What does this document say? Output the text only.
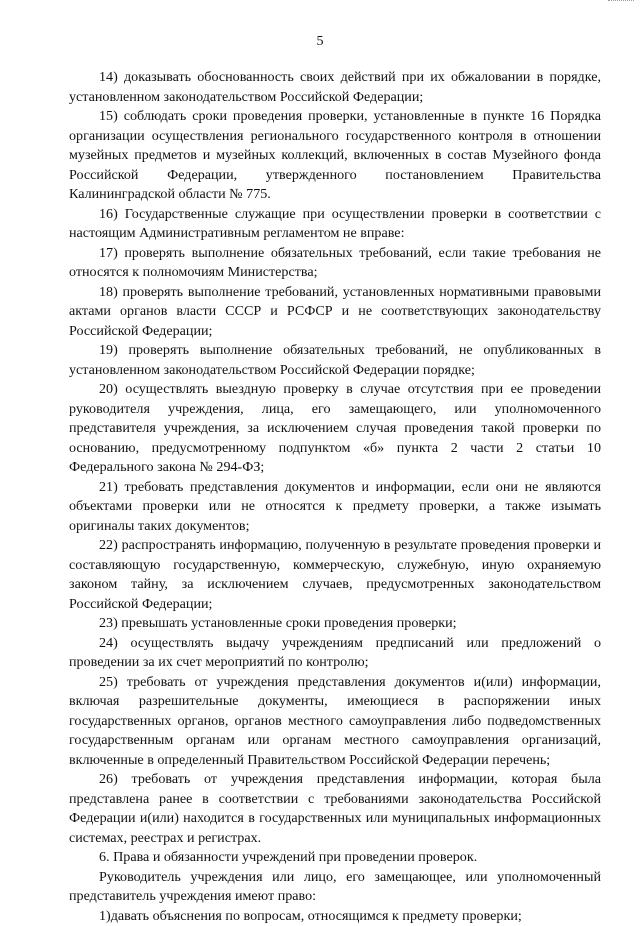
5

14) доказывать обоснованность своих действий при их обжаловании в порядке, установленном законодательством Российской Федерации;

15) соблюдать сроки проведения проверки, установленные в пункте 16 Порядка организации осуществления регионального государственного контроля в отношении музейных предметов и музейных коллекций, включенных в состав Музейного фонда Российской Федерации, утвержденного постановлением Правительства Калининградской области № 775.

16) Государственные служащие при осуществлении проверки в соответствии с настоящим Административным регламентом не вправе:

17) проверять выполнение обязательных требований, если такие требования не относятся к полномочиям Министерства;

18) проверять выполнение требований, установленных нормативными правовыми актами органов власти СССР и РСФСР и не соответствующих законодательству Российской Федерации;

19) проверять выполнение обязательных требований, не опубликованных в установленном законодательством Российской Федерации порядке;

20) осуществлять выездную проверку в случае отсутствия при ее проведении руководителя учреждения, лица, его замещающего, или уполномоченного представителя учреждения, за исключением случая проведения такой проверки по основанию, предусмотренному подпунктом «б» пункта 2 части 2 статьи 10 Федерального закона № 294-ФЗ;

21) требовать представления документов и информации, если они не являются объектами проверки или не относятся к предмету проверки, а также изымать оригиналы таких документов;

22) распространять информацию, полученную в результате проведения проверки и составляющую государственную, коммерческую, служебную, иную охраняемую законом тайну, за исключением случаев, предусмотренных законодательством Российской Федерации;

23) превышать установленные сроки проведения проверки;

24) осуществлять выдачу учреждениям предписаний или предложений о проведении за их счет мероприятий по контролю;

25) требовать от учреждения представления документов и(или) информации, включая разрешительные документы, имеющиеся в распоряжении иных государственных органов, органов местного самоуправления либо подведомственных государственным органам или органам местного самоуправления организаций, включенные в определенный Правительством Российской Федерации перечень;

26) требовать от учреждения представления информации, которая была представлена ранее в соответствии с требованиями законодательства Российской Федерации и(или) находится в государственных или муниципальных информационных системах, реестрах и регистрах.

6. Права и обязанности учреждений при проведении проверок.

Руководитель учреждения или лицо, его замещающее, или уполномоченный представитель учреждения имеют право:

1)давать объяснения по вопросам, относящимся к предмету проверки;
